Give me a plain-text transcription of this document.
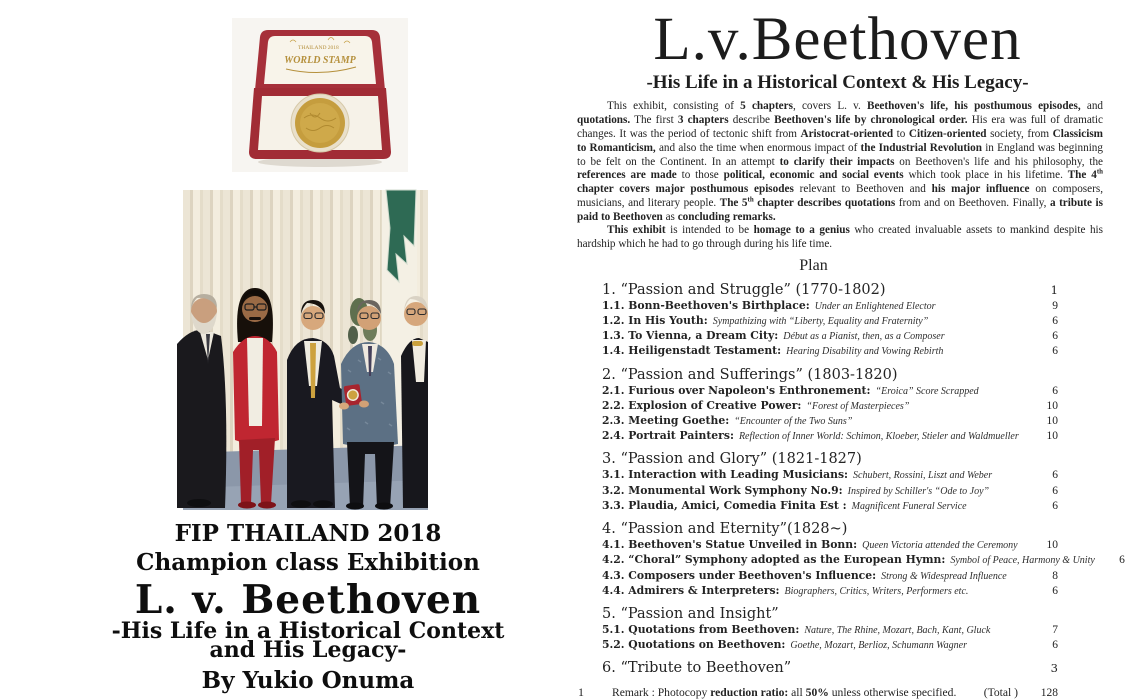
THAILAND 2018
WORLD STAMP
FIP THAILAND 2018
Champion class Exhibition
L. v. Beethoven
-His Life in a Historical Context
and His Legacy-
By Yukio Onuma
L.v.Beethoven
-His Life in a Historical Context & His Legacy-

This exhibit, consisting of 5 chapters, covers L. v. Beethoven's life, his posthumous episodes, and quotations. The first 3 chapters describe Beethoven's life by chronological order. His era was full of dramatic changes. It was the period of tectonic shift from Aristocrat-oriented to Citizen-oriented society, from Classicism to Romanticism, and also the time when enormous impact of the Industrial Revolution in England was beginning to be felt on the Continent. In an attempt to clarify their impacts on Beethoven's life and his philosophy, the references are made to those political, economic and social events which took place in his lifetime. The 4th chapter covers major posthumous episodes relevant to Beethoven and his major influence on composers, musicians, and literary people. The 5th chapter describes quotations from and on Beethoven. Finally, a tribute is paid to Beethoven as concluding remarks.

This exhibit is intended to be homage to a genius who created invaluable assets to mankind despite his hardship which he had to go through during his life time.

Plan
1. “Passion and Struggle” (1770-1802)	1
1.1. Bonn-Beethoven's Birthplace: Under an Enlightened Elector	9
1.2. In His Youth: Sympathizing with “Liberty, Equality and Fraternity”	6
1.3. To Vienna, a Dream City: Début as a Pianist, then, as a Composer	6
1.4. Heiligenstadt Testament: Hearing Disability and Vowing Rebirth	6
2. “Passion and Sufferings” (1803-1820)
2.1. Furious over Napoleon's Enthronement: “Eroica” Score Scrapped	6
2.2. Explosion of Creative Power: “Forest of Masterpieces”	10
2.3. Meeting Goethe: “Encounter of the Two Suns”	10
2.4. Portrait Painters: Reflection of Inner World: Schimon, Kloeber, Stieler and Waldmueller	10
3. “Passion and Glory” (1821-1827)
3.1. Interaction with Leading Musicians: Schubert, Rossini, Liszt and Weber	6
3.2. Monumental Work Symphony No.9: Inspired by Schiller's “Ode to Joy”	6
3.3. Plaudia, Amici, Comedia Finita Est : Magnificent Funeral Service	6
4. “Passion and Eternity”(1828~)
4.1. Beethoven's Statue Unveiled in Bonn: Queen Victoria attended the Ceremony	10
4.2. “Choral” Symphony adopted as the European Hymn: Symbol of Peace, Harmony & Unity	6
4.3. Composers under Beethoven's Influence: Strong & Widespread Influence	8
4.4. Admirers & Interpreters: Biographers, Critics, Writers, Performers etc.	6
5. “Passion and Insight”
5.1. Quotations from Beethoven: Nature, The Rhine, Mozart, Bach, Kant, Gluck	7
5.2. Quotations on Beethoven: Goethe, Mozart, Berlioz, Schumann Wagner	6
6. “Tribute to Beethoven”	3
1 Remark : Photocopy reduction ratio: all 50% unless otherwise specified. (Total )	128
